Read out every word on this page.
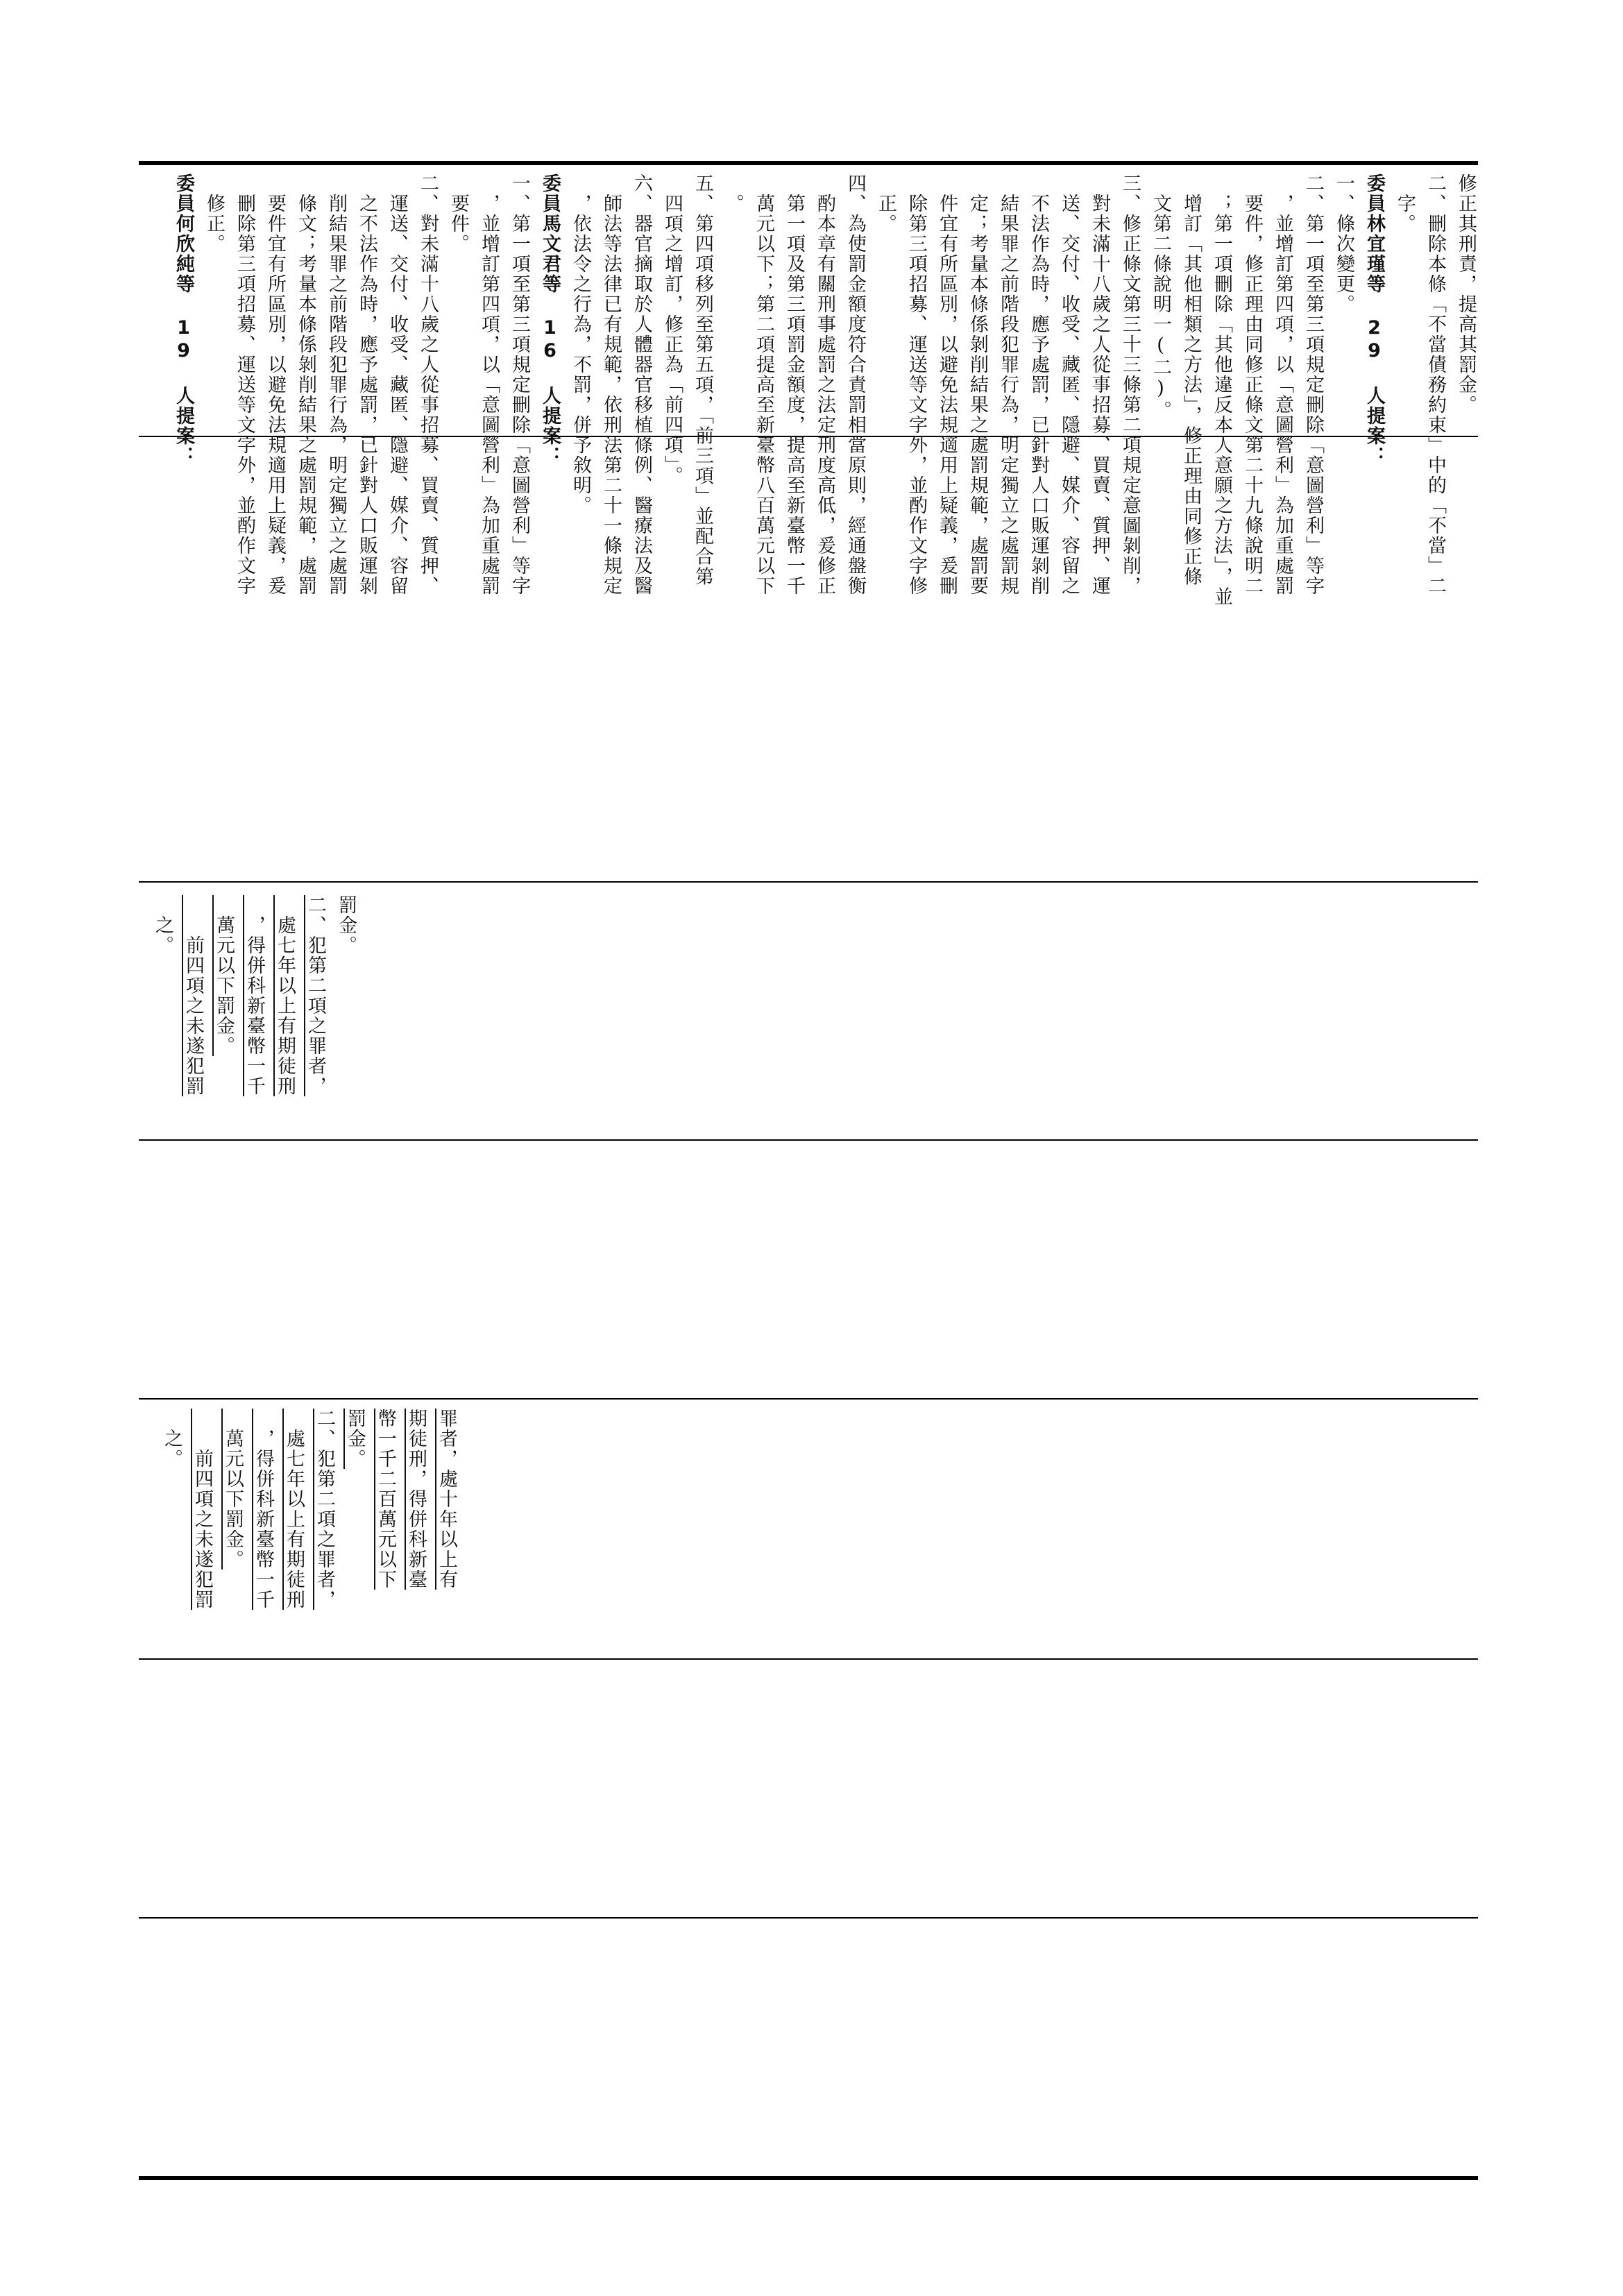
修正其刑責，提高其罰金。
二、刪除本條「不當債務約束」中的「不當」二
　字。
委員林宜瑾等 29 人提案：
一、條次變更。
二、第一項至第三項規定刪除「意圖營利」等字
　，並增訂第四項，以「意圖營利」為加重處罰
　要件，修正理由同修正條文第二十九條說明二
　；第一項刪除「其他違反本人意願之方法」，並
　增訂「其他相類之方法」，修正理由同修正條
　文第二條說明一(二)。
三、修正條文第三十三條第二項規定意圖剝削，
　對未滿十八歲之人從事招募、買賣、質押、運
　送、交付、收受、藏匿、隱避、媒介、容留之
　不法作為時，應予處罰，已針對人口販運剝削
　結果罪之前階段犯罪行為，明定獨立之處罰規
　定；考量本條係剝削結果之處罰規範，處罰要
　件宜有所區別，以避免法規適用上疑義，爰刪
　除第三項招募、運送等文字外，並酌作文字修
　正。
四、為使罰金額度符合責罰相當原則，經通盤衡
　酌本章有關刑事處罰之法定刑度高低，爰修正
　第一項及第三項罰金額度，提高至新臺幣一千
　萬元以下；第二項提高至新臺幣八百萬元以下
　。
五、第四項移列至第五項，「前三項」並配合第
　四項之增訂，修正為「前四項」。
六、器官摘取於人體器官移植條例、醫療法及醫
　師法等法律已有規範，依刑法第二十一條規定
　，依法令之行為，不罰，併予敘明。
委員馬文君等 16 人提案：
一、第一項至第三項規定刪除「意圖營利」等字
　，並增訂第四項，以「意圖營利」為加重處罰
　要件。
二、對未滿十八歲之人從事招募、買賣、質押、
　運送、交付、收受、藏匿、隱避、媒介、容留
　之不法作為時，應予處罰，已針對人口販運剝
　削結果罪之前階段犯罪行為，明定獨立之處罰
　條文；考量本條係剝削結果之處罰規範，處罰
　要件宜有所區別，以避免法規適用上疑義，爰
　刪除第三項招募、運送等文字外，並酌作文字
　修正。
委員何欣純等 19 人提案：
罰金。
二、犯第二項之罪者，
　處七年以上有期徒刑
　，得併科新臺幣一千
　萬元以下罰金。
　　前四項之未遂犯罰
　之。
罪者，處十年以上有
期徒刑，得併科新臺
幣一千二百萬元以下
罰金。
二、犯第二項之罪者，
　處七年以上有期徒刑
　，得併科新臺幣一千
　萬元以下罰金。
　　前四項之未遂犯罰
　之。
